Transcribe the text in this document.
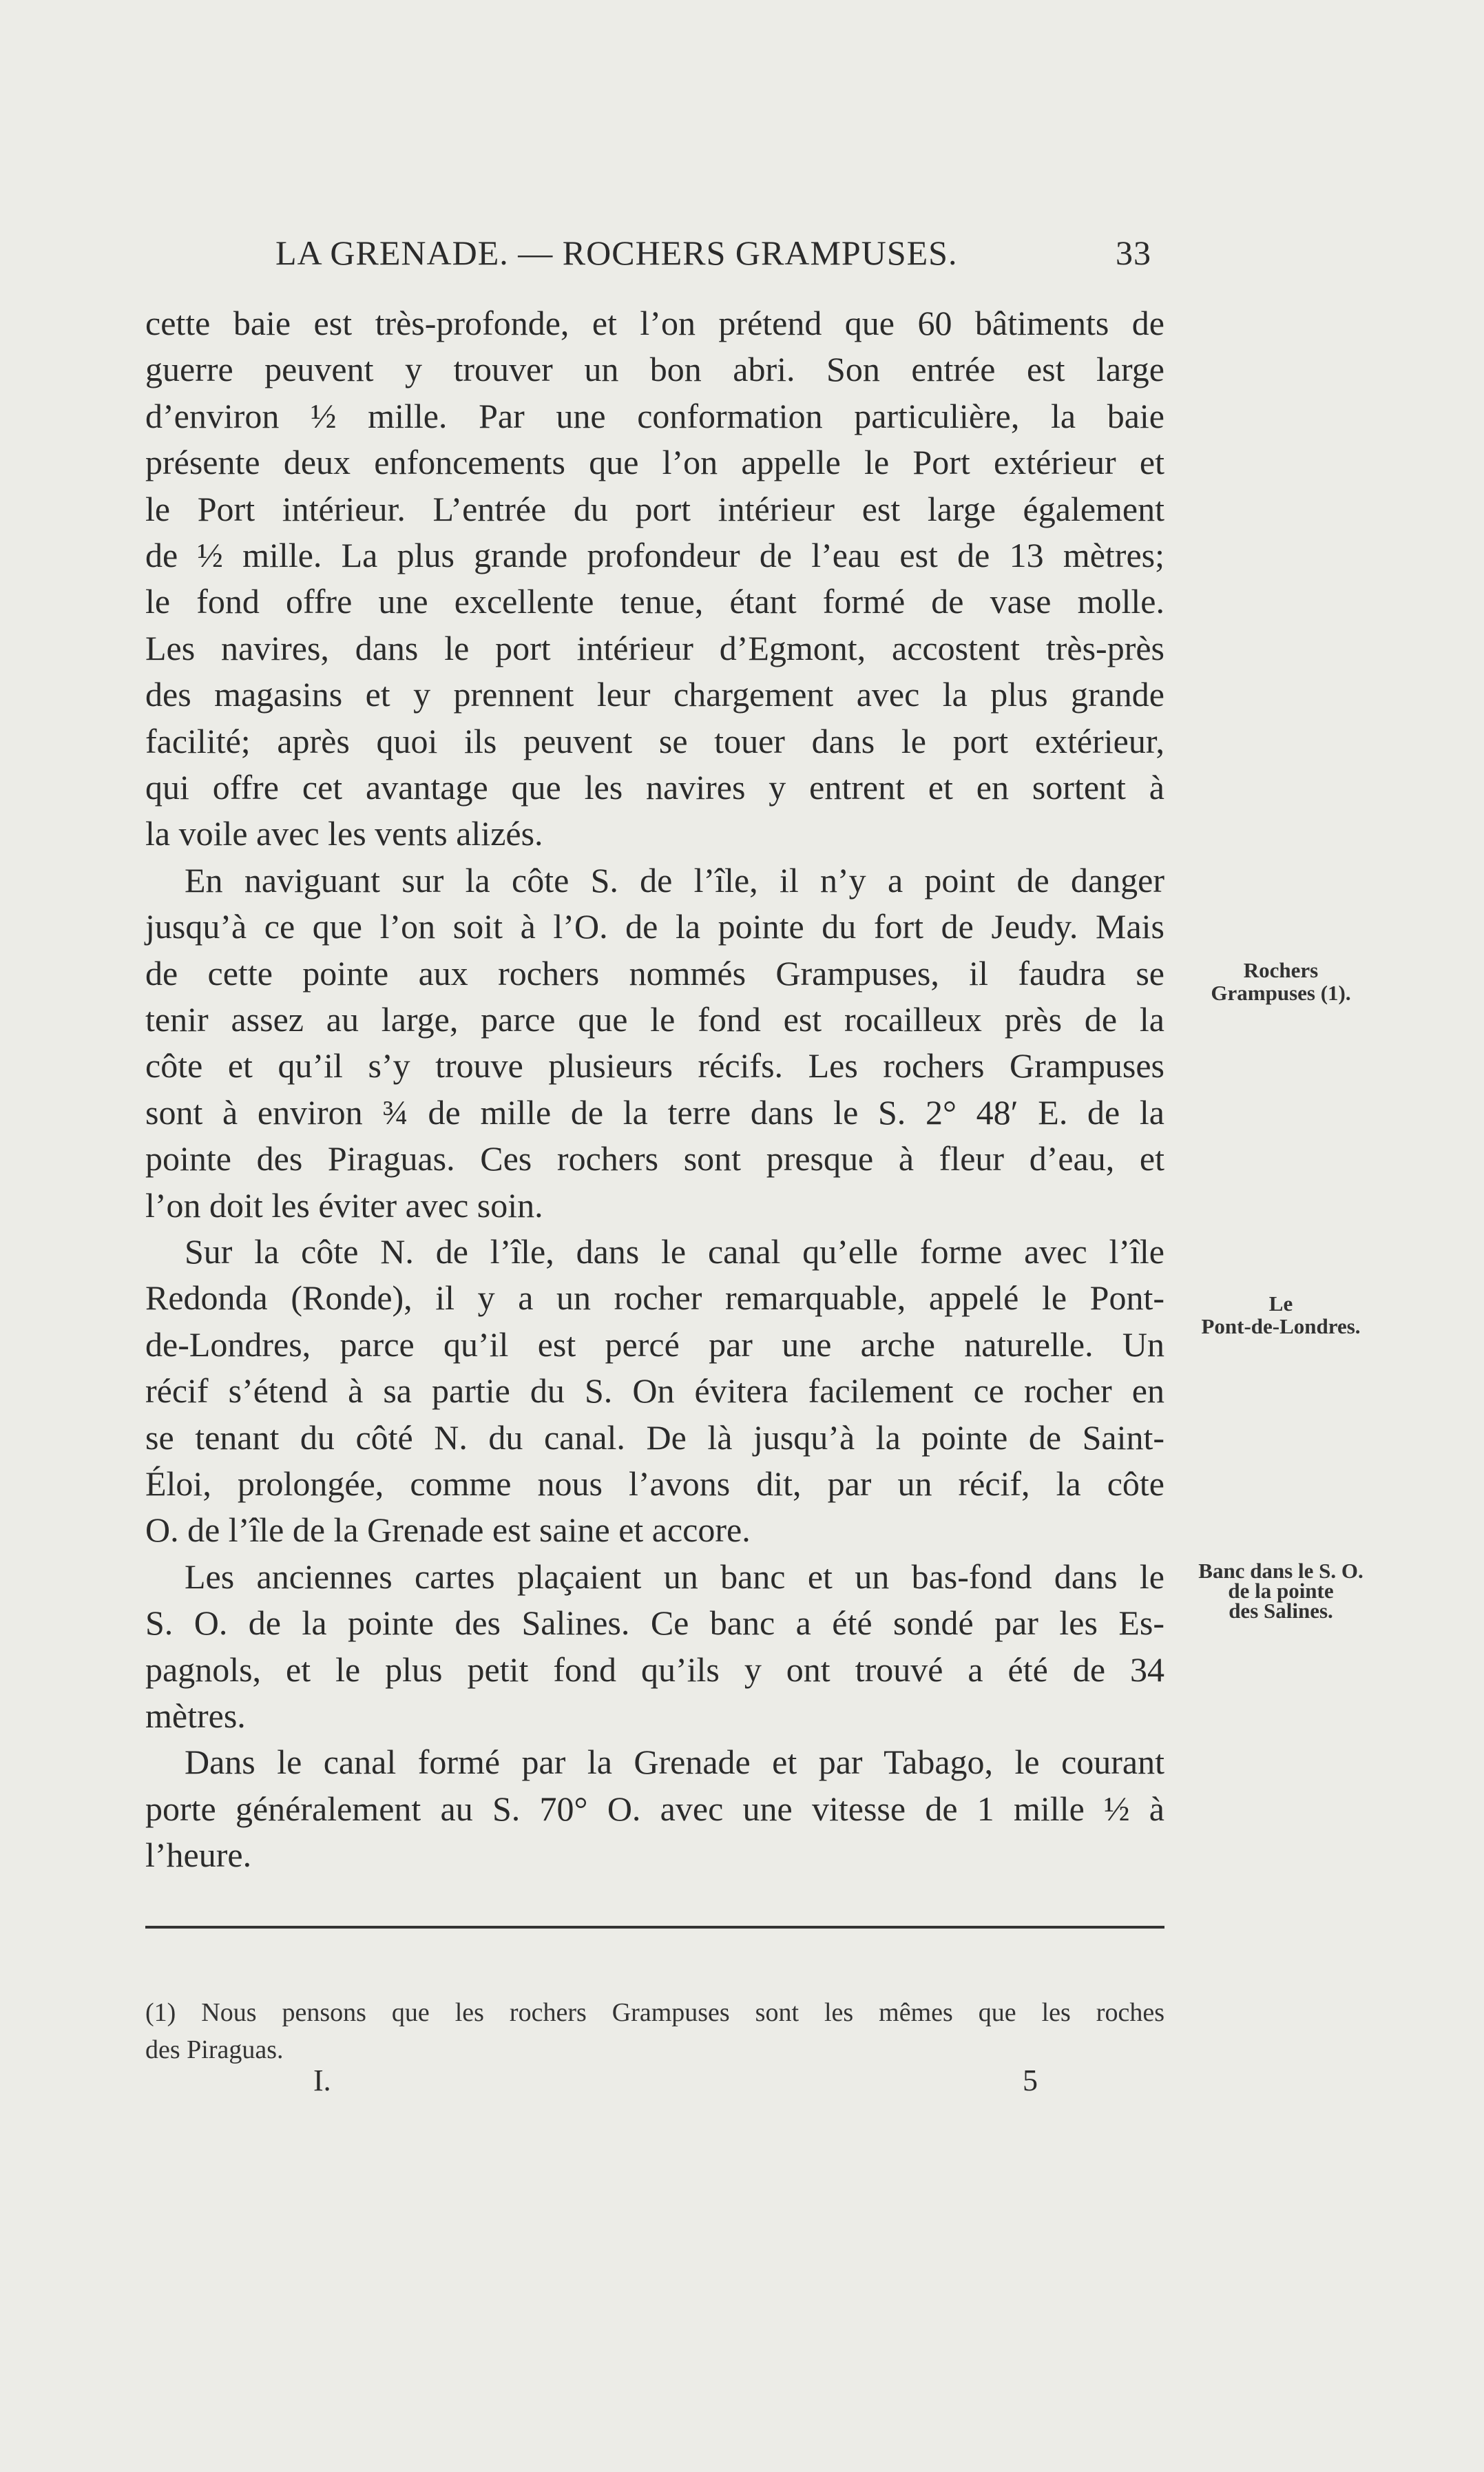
LA GRENADE. — ROCHERS GRAMPUSES.	33
cette baie est très-profonde, et l’on prétend que 60 bâtiments de
guerre peuvent y trouver un bon abri. Son entrée est large
d’environ ½ mille. Par une conformation particulière, la baie
présente deux enfoncements que l’on appelle le Port extérieur et
le Port intérieur. L’entrée du port intérieur est large également
de ½ mille. La plus grande profondeur de l’eau est de 13 mètres;
le fond offre une excellente tenue, étant formé de vase molle.
Les navires, dans le port intérieur d’Egmont, accostent très-près
des magasins et y prennent leur chargement avec la plus grande
facilité; après quoi ils peuvent se touer dans le port extérieur,
qui offre cet avantage que les navires y entrent et en sortent à
la voile avec les vents alizés.
En naviguant sur la côte S. de l’île, il n’y a point de danger
jusqu’à ce que l’on soit à l’O. de la pointe du fort de Jeudy. Mais
de cette pointe aux rochers nommés Grampuses, il faudra se
tenir assez au large, parce que le fond est rocailleux près de la
côte et qu’il s’y trouve plusieurs récifs. Les rochers Grampuses
sont à environ ¾ de mille de la terre dans le S. 2° 48′ E. de la
pointe des Piraguas. Ces rochers sont presque à fleur d’eau, et
l’on doit les éviter avec soin.
Sur la côte N. de l’île, dans le canal qu’elle forme avec l’île
Redonda (Ronde), il y a un rocher remarquable, appelé le Pont-
de-Londres, parce qu’il est percé par une arche naturelle. Un
récif s’étend à sa partie du S. On évitera facilement ce rocher en
se tenant du côté N. du canal. De là jusqu’à la pointe de Saint-
Éloi, prolongée, comme nous l’avons dit, par un récif, la côte
O. de l’île de la Grenade est saine et accore.
Les anciennes cartes plaçaient un banc et un bas-fond dans le
S. O. de la pointe des Salines. Ce banc a été sondé par les Es-
pagnols, et le plus petit fond qu’ils y ont trouvé a été de 34
mètres.
Dans le canal formé par la Grenade et par Tabago, le courant
porte généralement au S. 70° O. avec une vitesse de 1 mille ½ à
l’heure.
Rochers
Grampuses (1).
Le
Pont-de-Londres.
Banc dans le S. O.
de la pointe
des Salines.
(1) Nous pensons que les rochers Grampuses sont les mêmes que les roches
des Piraguas.
I.	5
